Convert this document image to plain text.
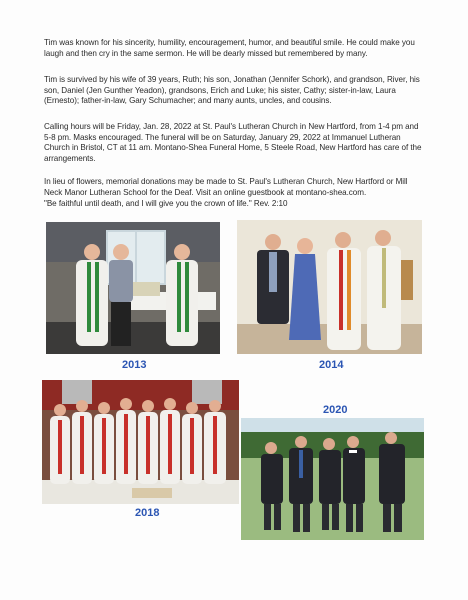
Tim was known for his sincerity, humility, encouragement, humor, and beautiful smile. He could make you laugh and then cry in the same sermon. He will be dearly missed but remembered by many.

Tim is survived by his wife of 39 years, Ruth; his son, Jonathan (Jennifer Schork), and grandson, River, his son, Daniel (Jen Gunther Yeadon), grandsons, Erich and Luke; his sister, Cathy; sister-in-law, Laura (Ernesto); father-in-law, Gary Schumacher; and many aunts, uncles, and cousins.

Calling hours will be Friday, Jan. 28, 2022 at St. Paul's Lutheran Church in New Hartford, from 1-4 pm and 5-8 pm. Masks encouraged. The funeral will be on Saturday, January 29, 2022 at Immanuel Lutheran Church in Bristol, CT at 11 am. Montano-Shea Funeral Home, 5 Steele Road, New Hartford has care of the arrangements.

In lieu of flowers, memorial donations may be made to St. Paul's Lutheran Church, New Hartford or Mill Neck Manor Lutheran School for the Deaf. Visit an online guestbook at montano-shea.com.

"Be faithful until death, and I will give you the crown of life." Rev. 2:10

2013	2014
2018
2020
